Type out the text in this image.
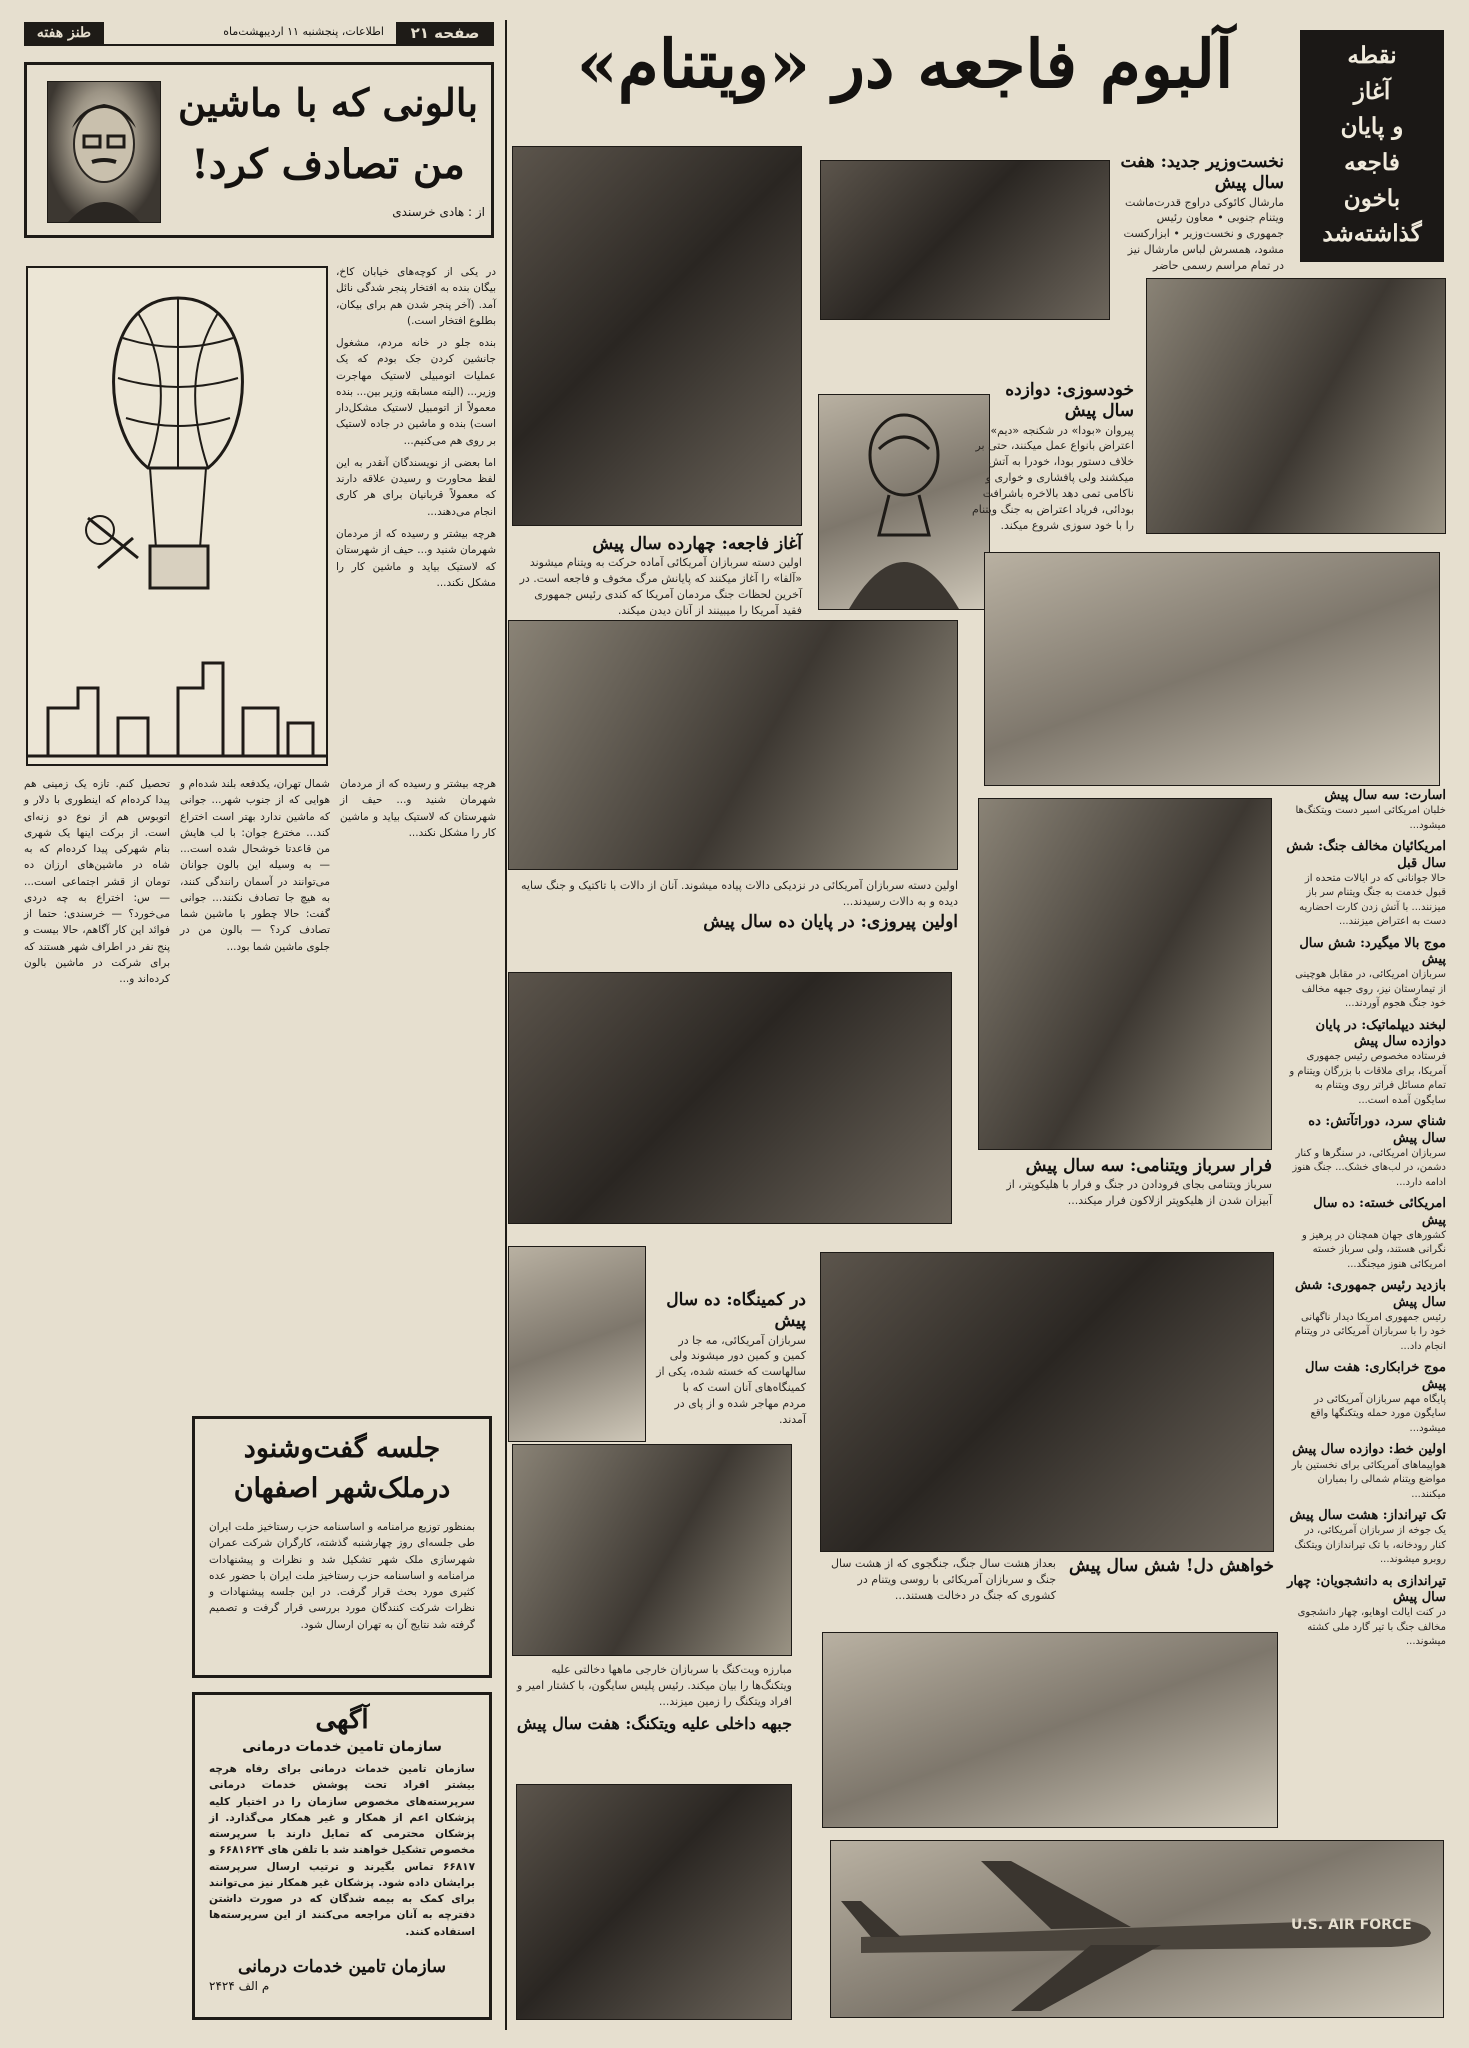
طنز هفته	اطلاعات، پنجشنبه ۱۱ اردیبهشت‌ماه	صفحه ۲۱	آلبوم فاجعه در «ویتنام»	نقطه
آغاز
و پایان
فاجعه
باخون
گذاشته‌شد
بالونی که با ماشین
من تصادف کرد!
از : هادی خرسندی

در یکی از کوچه‌های خیابان کاخ، بیگان بنده به افتخار پنجر شدگی نائل آمد. (آخر پنجر شدن هم برای بیکان، بطلوع افتخار است.)

بنده جلو در خانه مردم، مشغول جانشین کردن جک بودم که یک عملیات اتومبیلی لاستیک مهاجرت وزیر... (البته مسابقه وزیر بین... بنده معمولاً از اتومبیل لاستیک مشکل‌دار است) بنده و ماشین در جاده لاستیک بر روی هم می‌کنیم...

اما بعضی از نویسندگان آنقدر به این لفظ محاورت و رسیدن علاقه دارند که معمولاً قربانیان برای هر کاری انجام می‌دهند...

هرچه بیشتر و رسیده که از مردمان شهرمان شنید و... حیف از شهرستان که لاستیک بیاید و ماشین کار را مشکل نکند...

تحصیل کنم. تازه یک زمینی هم پیدا کرده‌ام که اینطوری با دلار و اتوبوس هم از نوع دو زنه‌ای است. از برکت اینها یک شهری بنام شهرکی پیدا کرده‌ام که به شاه در ماشین‌های ارزان ده تومان از قشر اجتماعی است... — س: اختراع به چه دردی می‌خورد؟ — خرسندی: حتما از فوائد این کار آگاهم، حالا بیست و پنج نفر در اطراف شهر هستند که برای شرکت در ماشین بالون کرده‌اند و...
شمال تهران، یکدفعه بلند شده‌ام و هوایی که از جنوب شهر... جوانی که ماشین ندارد بهتر است اختراع کند... مخترع جوان: با لب هایش من قاعدتا خوشحال شده است... — به وسیله این بالون جوانان می‌توانند در آسمان رانندگی کنند، به هیچ جا تصادف نکنند... جوانی گفت: حالا چطور با ماشین شما تصادف کرد؟ — بالون من در جلوی ماشین شما بود...
هرچه بیشتر و رسیده که از مردمان شهرمان شنید و... حیف از شهرستان که لاستیک بیاید و ماشین کار را مشکل نکند...
جلسه گفت‌وشنود
درملک‌شهر اصفهان
بمنظور توزیع مرامنامه و اساسنامه حزب رستاخیز ملت ایران طی جلسه‌ای روز چهارشنبه گذشته، کارگران شرکت عمران شهرسازی ملک شهر تشکیل شد و نظرات و پیشنهادات مرامنامه و اساسنامه حزب رستاخیز ملت ایران با حضور عده کثیری مورد بحث قرار گرفت. در این جلسه پیشنهادات و نظرات شرکت کنندگان مورد بررسی قرار گرفت و تصمیم گرفته شد نتایج آن به تهران ارسال شود.
آگهی
سازمان تامین خدمات درمانی
سازمان تامین خدمات درمانی برای رفاه هرچه بیشتر افراد تحت پوشش خدمات درمانی سرپرسته‌های مخصوص سازمان را در اختیار کلیه پزشکان اعم از همکار و غیر همکار می‌گذارد. از پزشکان محترمی که تمایل دارند با سرپرسته مخصوص تشکیل خواهند شد با تلفن های ۶۶۸۱۶۲۴ و ۶۶۸۱۷ تماس بگیرند و ترتیب ارسال سرپرسته برایشان داده شود. پزشکان غیر همکار نیز می‌توانند برای کمک به بیمه شدگان که در صورت داشتن دفترچه به آنان مراجعه می‌کنند از این سرپرسته‌ها استفاده کنند.
سازمان تامین خدمات درمانی
م الف ۲۴۲۴
آغاز فاجعه: چهارده سال پیش
اولین دسته سربازان آمریکائی آماده حرکت به ویتنام میشوند «آلفا» را آغاز میکنند که پایانش مرگ مخوف و فاجعه است. در آخرین لحظات جنگ مردمان آمریکا که کندی رئیس جمهوری فقید آمریکا را میبینند از آنان دیدن میکند.
نخست‌وزیر جدید: هفت سال پیش
مارشال کائوکی دراوج قدرت‌ماشت ویتنام جنوبی • معاون رئیس جمهوری و نخست‌وزیر • ابزارکست مشود، همسرش لباس مارشال نیز در تمام مراسم رسمی حاضر
خودسوزی: دوازده سال پیش
پیروان «بودا» در شکنجه «دیم» اعتراض بانواع عمل میکنند، حتی بر خلاف دستور بودا، خودرا به آتش میکشند ولی پافشاری و خواری و ناکامی تمی دهد بالاخره باشرافت بودائی، فریاد اعتراض به جنگ ویتنام را با خود سوزی شروع میکند.
اولین دسته سربازان آمریکائی در نزدیکی دالات پیاده میشوند. آنان از دالات با تاکتیک و جنگ سایه دیده و به دالات رسیدند...
اولین پیروزی: در پایان ده سال پیش
فرار سرباز ویتنامی: سه سال پیش
سرباز ویتنامی بجای فرودادن در جنگ و فرار با هلیکوپتر، از آبیزان شدن از هلیکوپتر ازلاکون فرار میکند...
اسارت: سه سال پیش
خلبان امریکائی اسیر دست ویتکنگ‌ها میشود...
امریکائیان مخالف جنگ: شش سال قبل
حالا جوانانی که در ایالات متحده از قبول خدمت به جنگ ویتنام سر باز میزنند... با آتش زدن کارت احضاریه دست به اعتراض میزنند...
موج بالا میگیرد: شش سال پیش
سربازان امریکائی، در مقابل هوچینی از تیمارستان نیز، روی جبهه مخالف خود جنگ هجوم آوردند...
لبخند دیپلماتیک: در پایان دوازده سال پیش
فرستاده مخصوص رئیس جمهوری آمریکا، برای ملاقات با بزرگان ویتنام و تمام مسائل فراتر روی ویتنام به سایگون آمده است...
شناي سرد، دوراتآتش: ده سال پیش
سربازان امریکائی، در سنگرها و کنار دشمن، در لب‌های خشک... جنگ هنوز ادامه دارد...
امریکائی خسته: ده سال پیش
کشورهای جهان همچنان در پرهیز و نگرانی هستند، ولی سرباز خسته امریکائی هنوز میجنگد...
بازدید رئیس جمهوری: شش سال پیش
رئیس جمهوری امریکا دیدار ناگهانی خود را با سربازان آمریکائی در ویتنام انجام داد...
موج خرابکاری: هفت سال پیش
پایگاه مهم سربازان آمریکائی در سایگون مورد حمله ویتکنگها واقع میشود...
اولین خط: دوازده سال پیش
هواپیماهای آمریکائی برای نخستین بار مواضع ویتنام شمالی را بمباران میکنند...
تک تیرانداز: هشت سال پیش
یک جوخه از سربازان آمریکائی، در کنار رودخانه، با تک تیراندازان ویتکنگ روبرو میشوند...
تیراندازی به دانشجویان: چهار سال پیش
در کنت ایالت اوهایو، چهار دانشجوی مخالف جنگ با تیر گارد ملی کشته میشوند...
در کمینگاه: ده سال پیش
سربازان آمریکائی، مه جا در کمین و کمین دور میشوند ولی سالهاست که خسته شده، یکی از کمینگاه‌های آنان است که با مردم مهاجر شده و از پای در آمدند.
خواهش دل! شش سال پیش
بعداز هشت سال جنگ، جنگجوی که از هشت سال جنگ و سربازان آمریکائی با روسی ویتنام در کشوری که جنگ در دخالت هستند...
مبارزه ویت‌کنگ با سربازان خارجی ماهها دخالتی علیه ویتکنگ‌ها را بیان میکند. رئیس پلیس سایگون، با کشتار امیر و افراد ویتکنگ را زمین میزند...
جبهه داخلی علیه ویتکنگ: هفت سال پیش
U.S. AIR FORCE
